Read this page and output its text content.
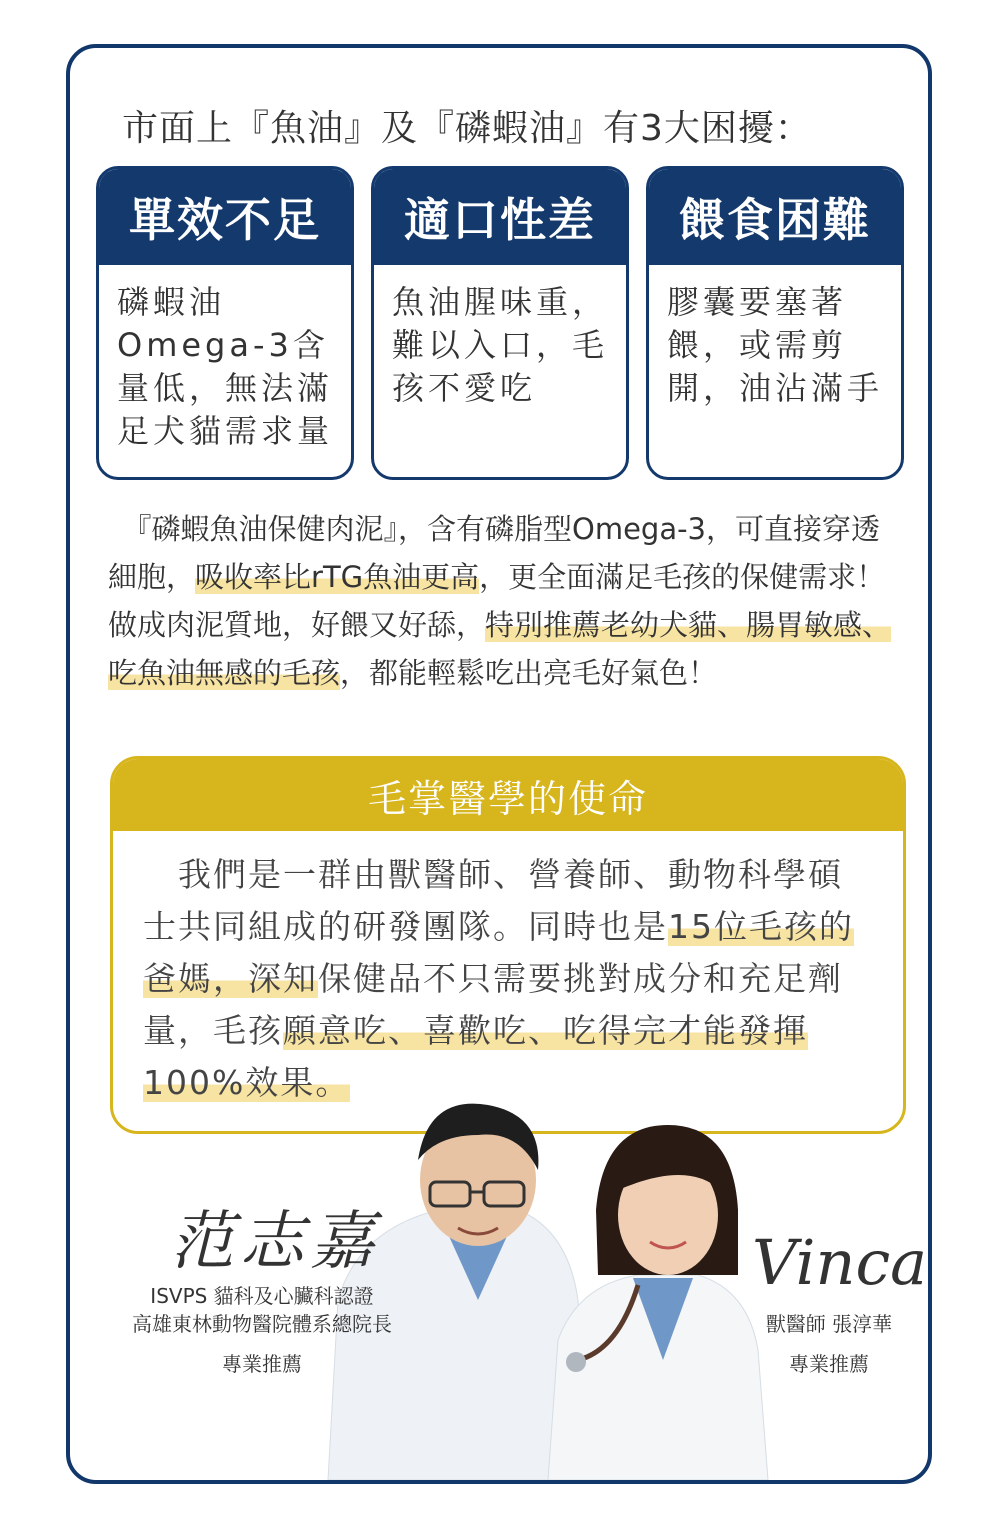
市面上『魚油』及『磷蝦油』有3大困擾：
單效不足
磷蝦油Omega-3含量低，無法滿足犬貓需求量
適口性差
魚油腥味重，難以入口，毛孩不愛吃
餵食困難
膠囊要塞著餵，或需剪開，油沾滿手
　『磷蝦魚油保健肉泥』，含有磷脂型Omega-3，可直接穿透細胞，吸收率比rTG魚油更高，更全面滿足毛孩的保健需求！做成肉泥質地，好餵又好舔，特別推薦老幼犬貓、腸胃敏感、吃魚油無感的毛孩，都能輕鬆吃出亮毛好氣色！
毛掌醫學的使命
　我們是一群由獸醫師、營養師、動物科學碩士共同組成的研發團隊。同時也是15位毛孩的爸媽，深知保健品不只需要挑對成分和充足劑量，毛孩願意吃、喜歡吃、吃得完才能發揮100%效果。
范志嘉
ISVPS 貓科及心臟科認證
高雄東林動物醫院體系總院長
專業推薦
Vinca
獸醫師 張淳華
專業推薦
